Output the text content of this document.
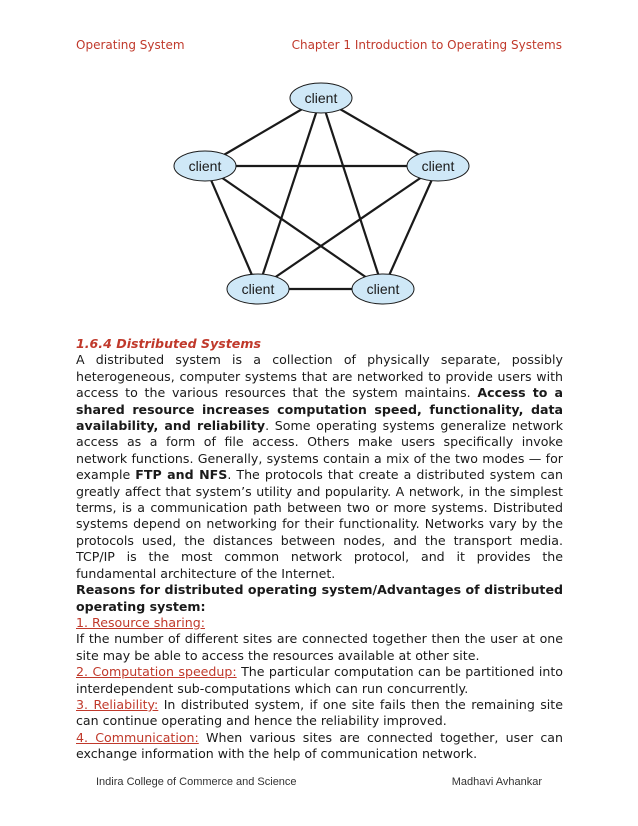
Operating System	Chapter 1 Introduction to Operating Systems
client
client	client
client	client
1.6.4 Distributed Systems

A distributed system is a collection of physically separate, possibly heterogeneous, computer systems that are networked to provide users with access to the various resources that the system maintains. Access to a shared resource increases computation speed, functionality, data availability, and reliability. Some operating systems generalize network access as a form of file access. Others make users specifically invoke network functions. Generally, systems contain a mix of the two modes — for example FTP and NFS. The protocols that create a distributed system can greatly affect that system’s utility and popularity. A network, in the simplest terms, is a communication path between two or more systems. Distributed systems depend on networking for their functionality. Networks vary by the protocols used, the distances between nodes, and the transport media. TCP/IP is the most common network protocol, and it provides the fundamental architecture of the Internet.

Reasons for distributed operating system/Advantages of distributed operating system:

1. Resource sharing:

If the number of different sites are connected together then the user at one site may be able to access the resources available at other site.

2. Computation speedup: The particular computation can be partitioned into interdependent sub-computations which can run concurrently.

3. Reliability: In distributed system, if one site fails then the remaining site can continue operating and hence the reliability improved.

4. Communication: When various sites are connected together, user can exchange information with the help of communication network.

Indira College of Commerce and Science	Madhavi Avhankar
